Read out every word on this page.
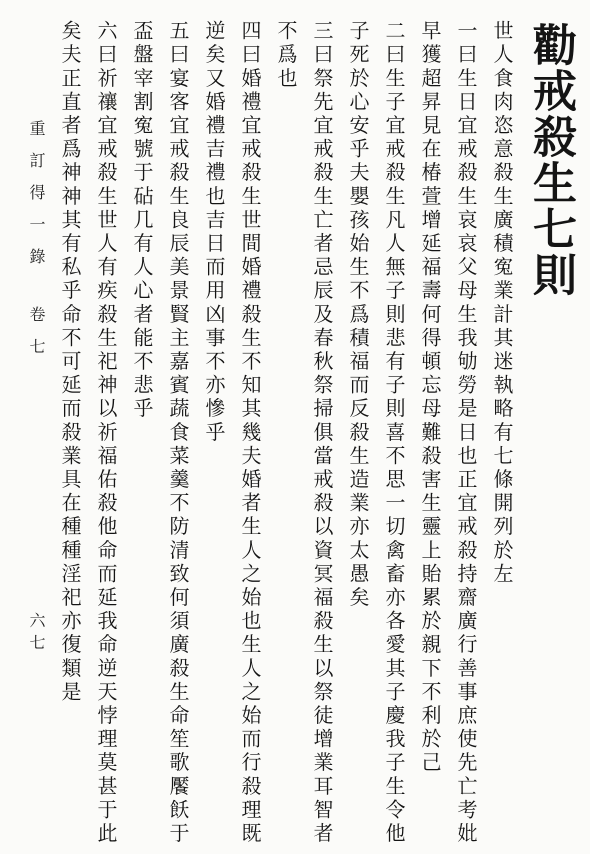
勸戒殺生七則
世人食肉恣意殺生廣積寃業計其迷執略有七條開列於左
一曰生日宜戒殺生哀哀父母生我劬勞是日也正宜戒殺持齋廣行善事庶使先亡考妣
早獲超昇見在椿萱增延福壽何得頓忘母難殺害生靈上貽累於親下不利於己
二曰生子宜戒殺生凡人無子則悲有子則喜不思一切禽畜亦各愛其子慶我子生令他
子死於心安乎夫嬰孩始生不爲積福而反殺生造業亦太愚矣
三曰祭先宜戒殺生亡者忌辰及春秋祭掃俱當戒殺以資冥福殺生以祭徒增業耳智者
不爲也
四曰婚禮宜戒殺生世間婚禮殺生不知其幾夫婚者生人之始也生人之始而行殺理既
逆矣又婚禮吉禮也吉日而用凶事不亦慘乎
五曰宴客宜戒殺生良辰美景賢主嘉賓蔬食菜羹不防清致何須廣殺生命笙歌饜飫于
盃盤宰割寃號于砧几有人心者能不悲乎
六曰祈禳宜戒殺生世人有疾殺生祀神以祈福佑殺他命而延我命逆天悖理莫甚于此
矣夫正直者爲神神其有私乎命不可延而殺業具在種種淫祀亦復類是
重訂得一錄卷七
六七
